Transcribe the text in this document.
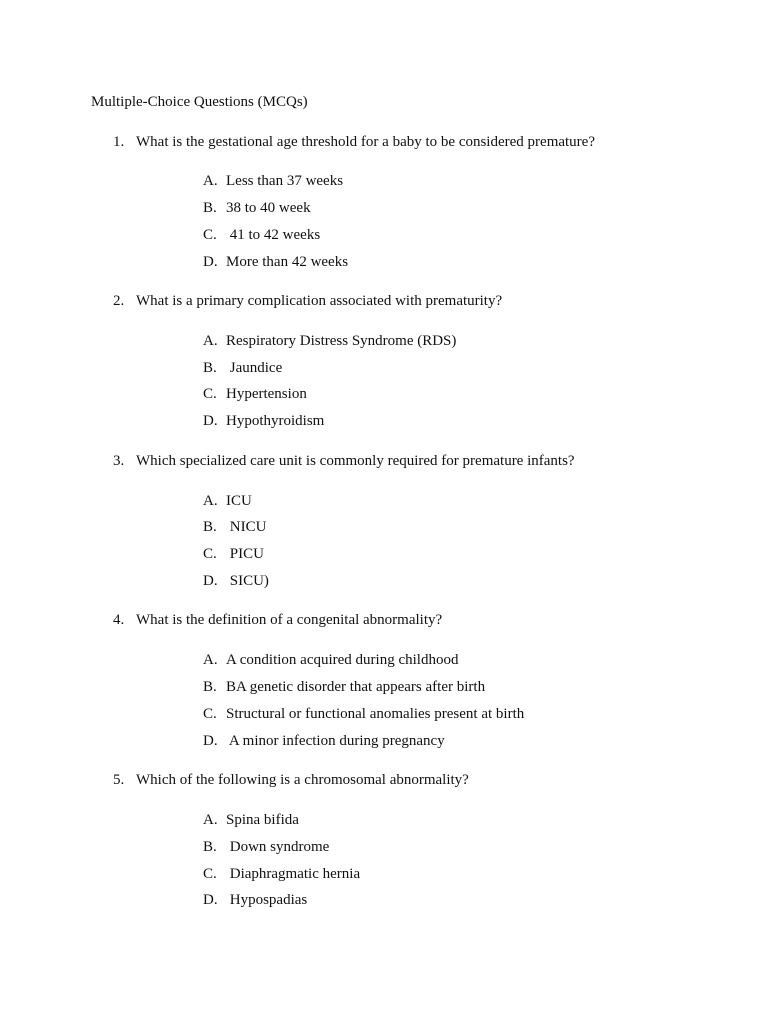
Multiple-Choice Questions (MCQs)
1. What is the gestational age threshold for a baby to be considered premature?
A. Less than 37 weeks
B. 38 to 40 week
C. 41 to 42 weeks
D. More than 42 weeks
2. What is a primary complication associated with prematurity?
A. Respiratory Distress Syndrome (RDS)
B. Jaundice
C. Hypertension
D. Hypothyroidism
3. Which specialized care unit is commonly required for premature infants?
A. ICU
B. NICU
C. PICU
D. SICU)
4. What is the definition of a congenital abnormality?
A. A condition acquired during childhood
B. BA genetic disorder that appears after birth
C. Structural or functional anomalies present at birth
D. A minor infection during pregnancy
5. Which of the following is a chromosomal abnormality?
A. Spina bifida
B. Down syndrome
C. Diaphragmatic hernia
D. Hypospadias
